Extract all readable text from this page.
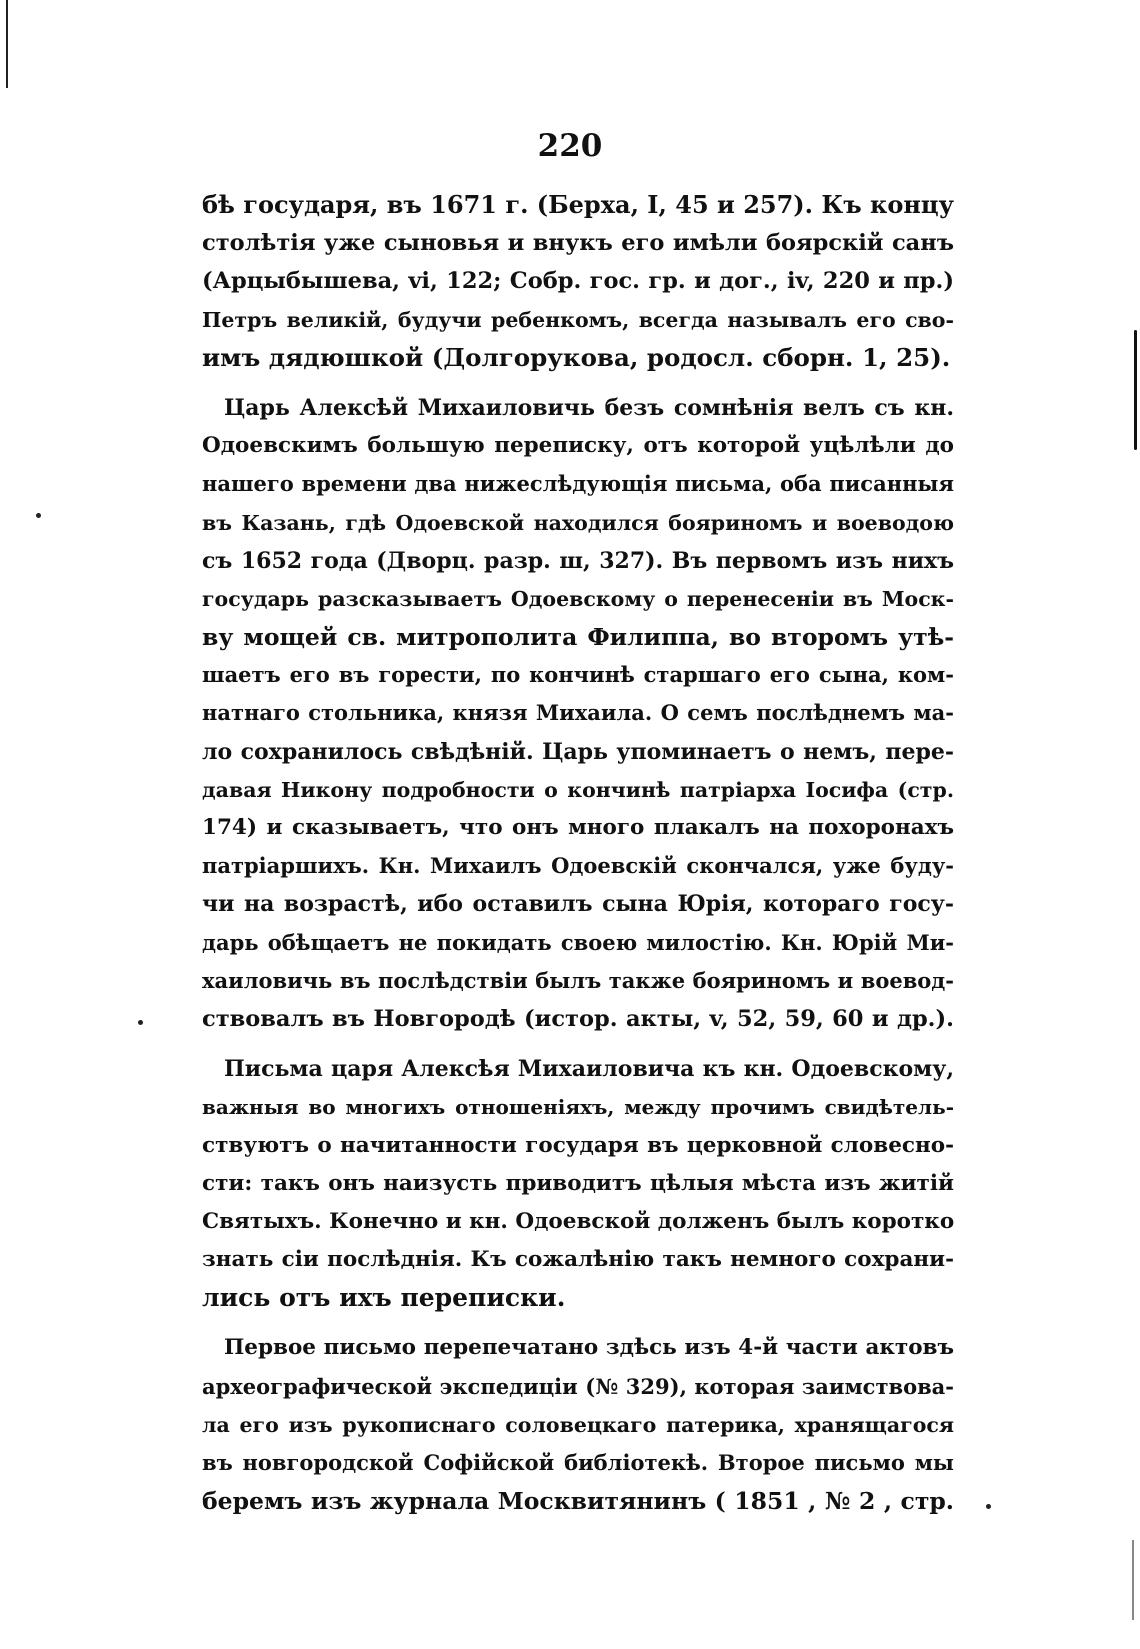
220
бѣ государя, въ 1671 г. (Берха, I, 45 и 257). Къ концу
столѣтія уже сыновья и внукъ его имѣли боярскій санъ
(Арцыбышева, vi, 122; Собр. гос. гр. и дог., iv, 220 и пр.)
Петръ великій, будучи ребенкомъ, всегда называлъ его сво-
имъ дядюшкой (Долгорукова, родосл. сборн. 1, 25).
Царь Алексѣй Михаиловичь безъ сомнѣнія велъ съ кн.
Одоевскимъ большую переписку, отъ которой уцѣлѣли до
нашего времени два нижеслѣдующія письма, оба писанныя
въ Казань, гдѣ Одоевской находился бояриномъ и воеводою
съ 1652 года (Дворц. разр. ш, 327). Въ первомъ изъ нихъ
государь разсказываетъ Одоевскому о перенесеніи въ Моск-
ву мощей св. митрополита Филиппа, во второмъ утѣ-
шаетъ его въ горести, по кончинѣ старшаго его сына, ком-
натнаго стольника, князя Михаила. О семъ послѣднемъ ма-
ло сохранилось свѣдѣній. Царь упоминаетъ о немъ, пере-
давая Никону подробности о кончинѣ патріарха Іосифа (стр.
174) и сказываетъ, что онъ много плакалъ на похоронахъ
патріаршихъ. Кн. Михаилъ Одоевскій скончался, уже буду-
чи на возрастѣ, ибо оставилъ сына Юрія, котораго госу-
дарь обѣщаетъ не покидать своею милостію. Кн. Юрій Ми-
хаиловичь въ послѣдствіи былъ также бояриномъ и воевод-
ствовалъ въ Новгородѣ (истор. акты, v, 52, 59, 60 и др.).
Письма царя Алексѣя Михаиловича къ кн. Одоевскому,
важныя во многихъ отношеніяхъ, между прочимъ свидѣтель-
ствуютъ о начитанности государя въ церковной словесно-
сти: такъ онъ наизусть приводитъ цѣлыя мѣста изъ житій
Святыхъ. Конечно и кн. Одоевской долженъ былъ коротко
знать сіи послѣднія. Къ сожалѣнію такъ немного сохрани-
лись отъ ихъ переписки.
Первое письмо перепечатано здѣсь изъ 4-й части актовъ
археографической экспедиціи (№ 329), которая заимствова-
ла его изъ рукописнаго соловецкаго патерика, хранящагося
въ новгородской Софійской библіотекѣ. Второе письмо мы
беремъ изъ журнала Москвитянинъ ( 1851 , № 2 , стр.
